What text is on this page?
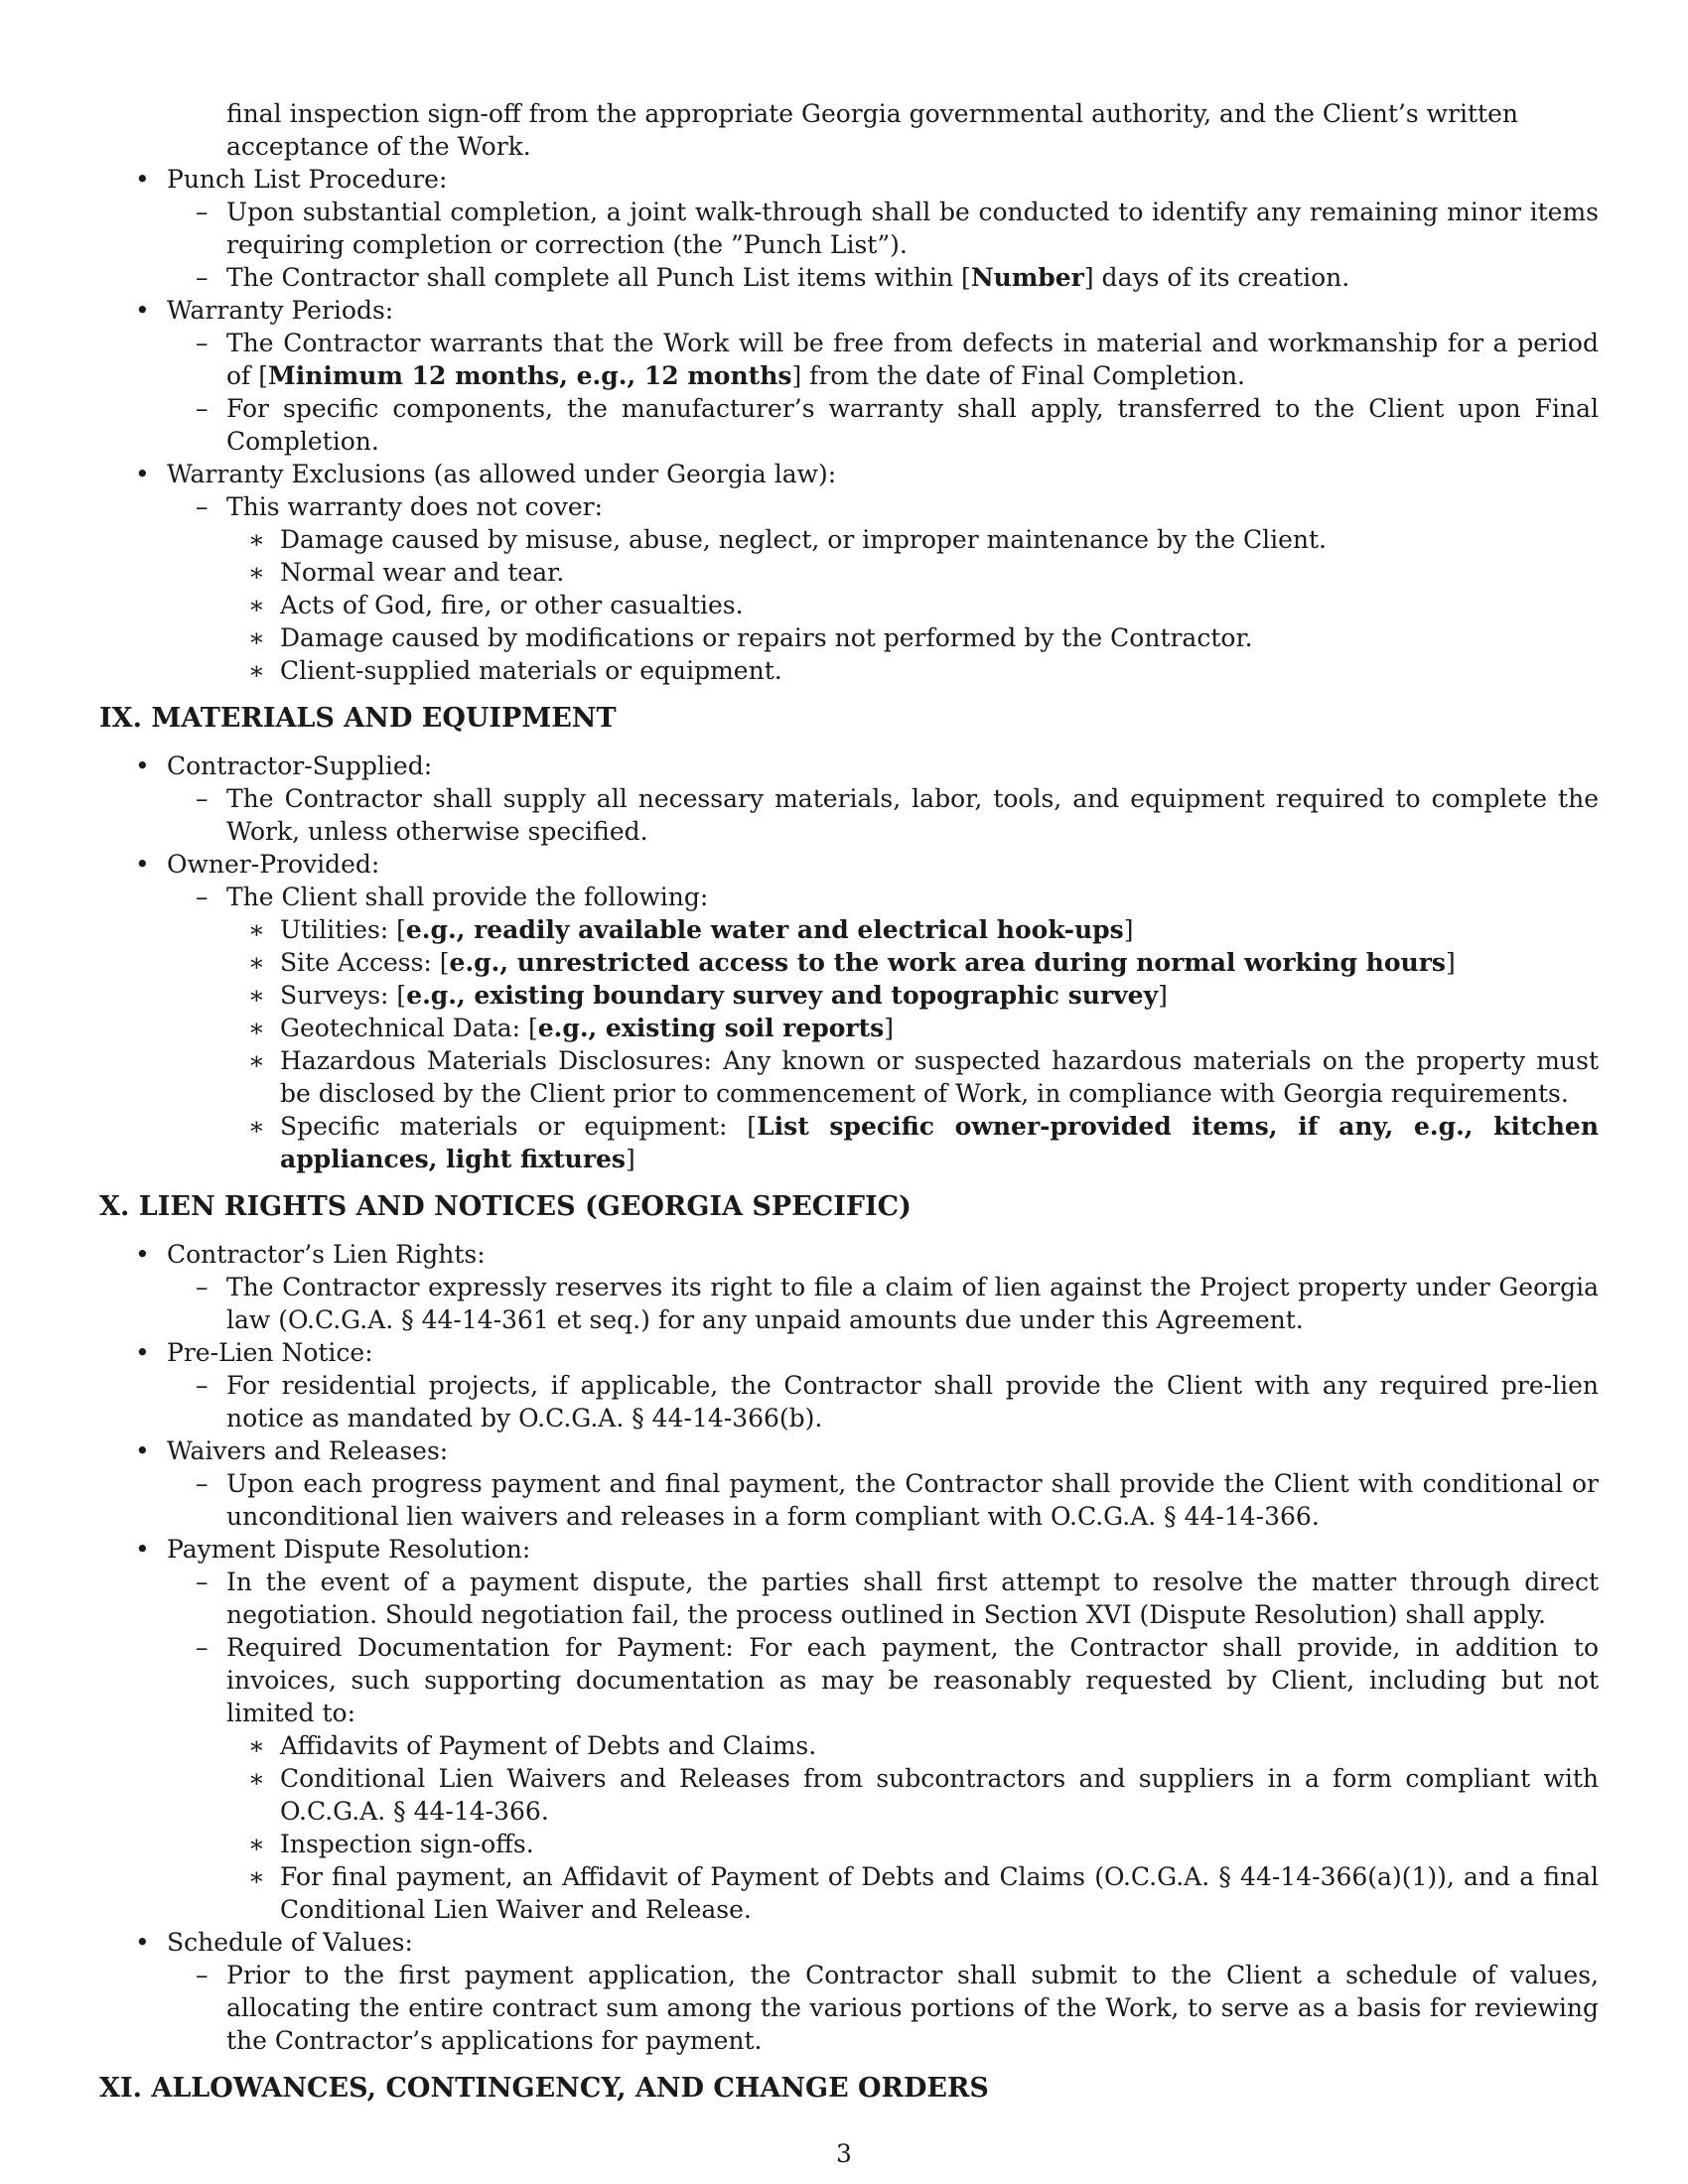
final inspection sign-off from the appropriate Georgia governmental authority, and the Client’s written acceptance of the Work.
• Punch List Procedure:
– Upon substantial completion, a joint walk-through shall be conducted to identify any remaining minor items requiring completion or correction (the ”Punch List”).
– The Contractor shall complete all Punch List items within [Number] days of its creation.
• Warranty Periods:
– The Contractor warrants that the Work will be free from defects in material and workmanship for a period of [Minimum 12 months, e.g., 12 months] from the date of Final Completion.
– For specific components, the manufacturer’s warranty shall apply, transferred to the Client upon Final Completion.
• Warranty Exclusions (as allowed under Georgia law):
– This warranty does not cover:
∗ Damage caused by misuse, abuse, neglect, or improper maintenance by the Client.
∗ Normal wear and tear.
∗ Acts of God, fire, or other casualties.
∗ Damage caused by modifications or repairs not performed by the Contractor.
∗ Client-supplied materials or equipment.
IX. MATERIALS AND EQUIPMENT
• Contractor-Supplied:
– The Contractor shall supply all necessary materials, labor, tools, and equipment required to complete the Work, unless otherwise specified.
• Owner-Provided:
– The Client shall provide the following:
∗ Utilities: [e.g., readily available water and electrical hook-ups]
∗ Site Access: [e.g., unrestricted access to the work area during normal working hours]
∗ Surveys: [e.g., existing boundary survey and topographic survey]
∗ Geotechnical Data: [e.g., existing soil reports]
∗ Hazardous Materials Disclosures: Any known or suspected hazardous materials on the property must be disclosed by the Client prior to commencement of Work, in compliance with Georgia requirements.
∗ Specific materials or equipment: [List specific owner-provided items, if any, e.g., kitchen appliances, light fixtures]
X. LIEN RIGHTS AND NOTICES (GEORGIA SPECIFIC)
• Contractor’s Lien Rights:
– The Contractor expressly reserves its right to file a claim of lien against the Project property under Georgia law (O.C.G.A. § 44-14-361 et seq.) for any unpaid amounts due under this Agreement.
• Pre-Lien Notice:
– For residential projects, if applicable, the Contractor shall provide the Client with any required pre-lien notice as mandated by O.C.G.A. § 44-14-366(b).
• Waivers and Releases:
– Upon each progress payment and final payment, the Contractor shall provide the Client with conditional or unconditional lien waivers and releases in a form compliant with O.C.G.A. § 44-14-366.
• Payment Dispute Resolution:
– In the event of a payment dispute, the parties shall first attempt to resolve the matter through direct negotiation. Should negotiation fail, the process outlined in Section XVI (Dispute Resolution) shall apply.
– Required Documentation for Payment: For each payment, the Contractor shall provide, in addition to invoices, such supporting documentation as may be reasonably requested by Client, including but not limited to:
∗ Affidavits of Payment of Debts and Claims.
∗ Conditional Lien Waivers and Releases from subcontractors and suppliers in a form compliant with O.C.G.A. § 44-14-366.
∗ Inspection sign-offs.
∗ For final payment, an Affidavit of Payment of Debts and Claims (O.C.G.A. § 44-14-366(a)(1)), and a final Conditional Lien Waiver and Release.
• Schedule of Values:
– Prior to the first payment application, the Contractor shall submit to the Client a schedule of values, allocating the entire contract sum among the various portions of the Work, to serve as a basis for reviewing the Contractor’s applications for payment.
XI. ALLOWANCES, CONTINGENCY, AND CHANGE ORDERS
3
